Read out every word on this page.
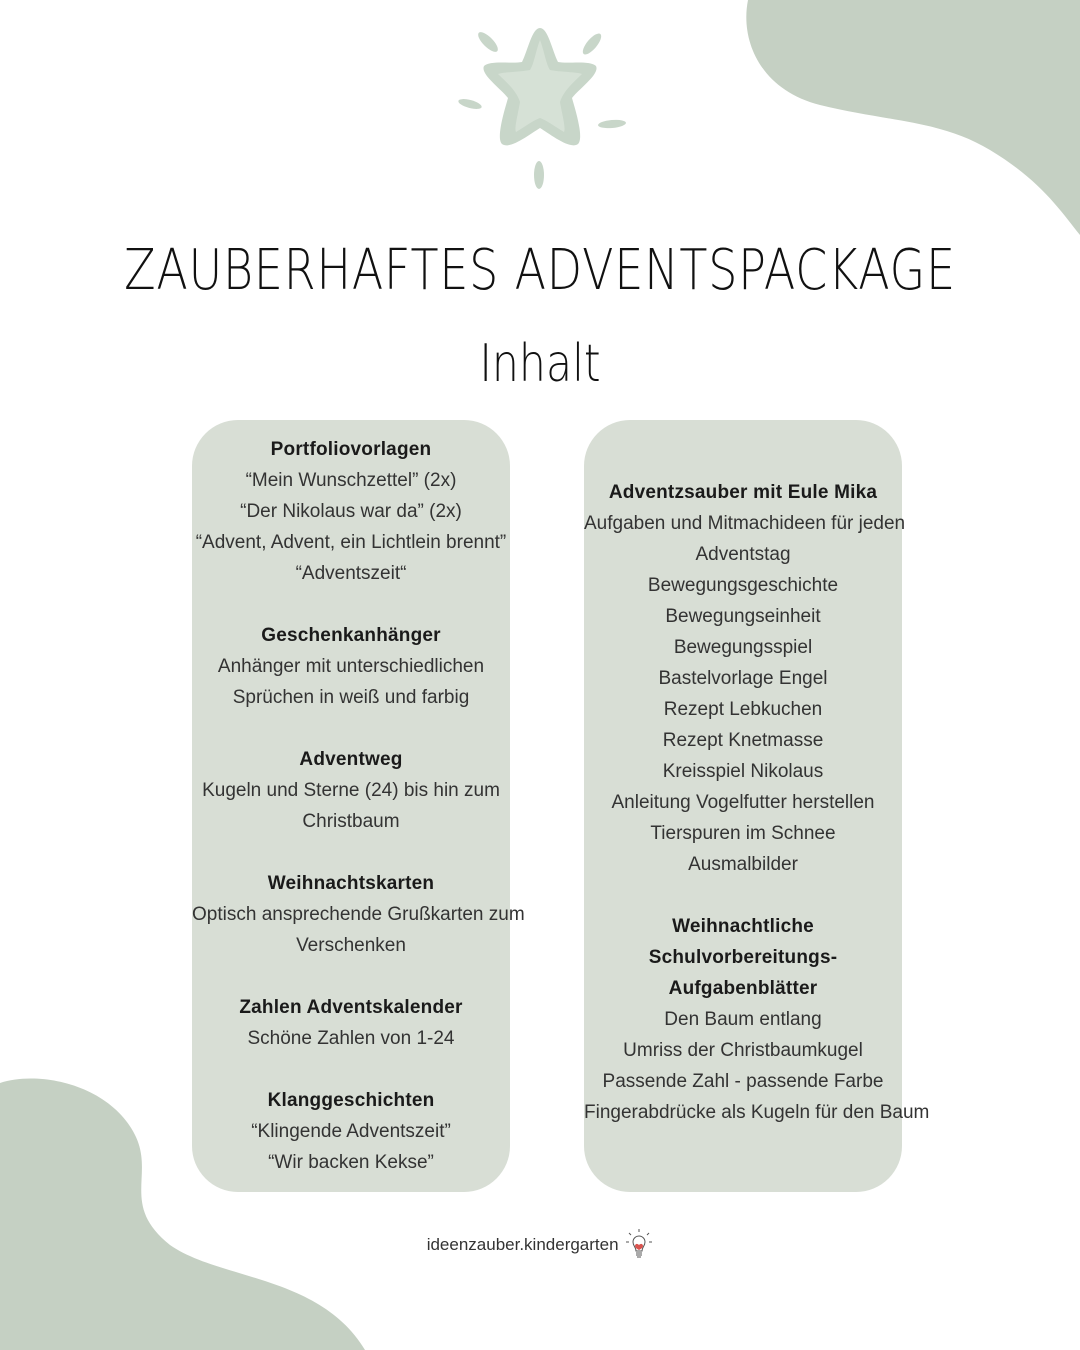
ZAUBERHAFTES ADVENTSPACKAGE
Inhalt
Portfoliovorlagen
“Mein Wunschzettel” (2x)
“Der Nikolaus war da” (2x)
“Advent, Advent, ein Lichtlein brennt”
“Adventszeit“
Geschenkanhänger
Anhänger mit unterschiedlichen
Sprüchen in weiß und farbig
Adventweg
Kugeln und Sterne (24) bis hin zum
Christbaum
Weihnachtskarten
Optisch ansprechende Grußkarten zum
Verschenken
Zahlen Adventskalender
Schöne Zahlen von 1-24
Klanggeschichten
“Klingende Adventszeit”
“Wir backen Kekse”
Adventzsauber mit Eule Mika
Aufgaben und Mitmachideen für jeden
Adventstag
Bewegungsgeschichte
Bewegungseinheit
Bewegungsspiel
Bastelvorlage Engel
Rezept Lebkuchen
Rezept Knetmasse
Kreisspiel Nikolaus
Anleitung Vogelfutter herstellen
Tierspuren im Schnee
Ausmalbilder
Weihnachtliche Schulvorbereitungs-
Aufgabenblätter
Den Baum entlang
Umriss der Christbaumkugel
Passende Zahl - passende Farbe
Fingerabdrücke als Kugeln für den Baum
ideenzauber.kindergarten
